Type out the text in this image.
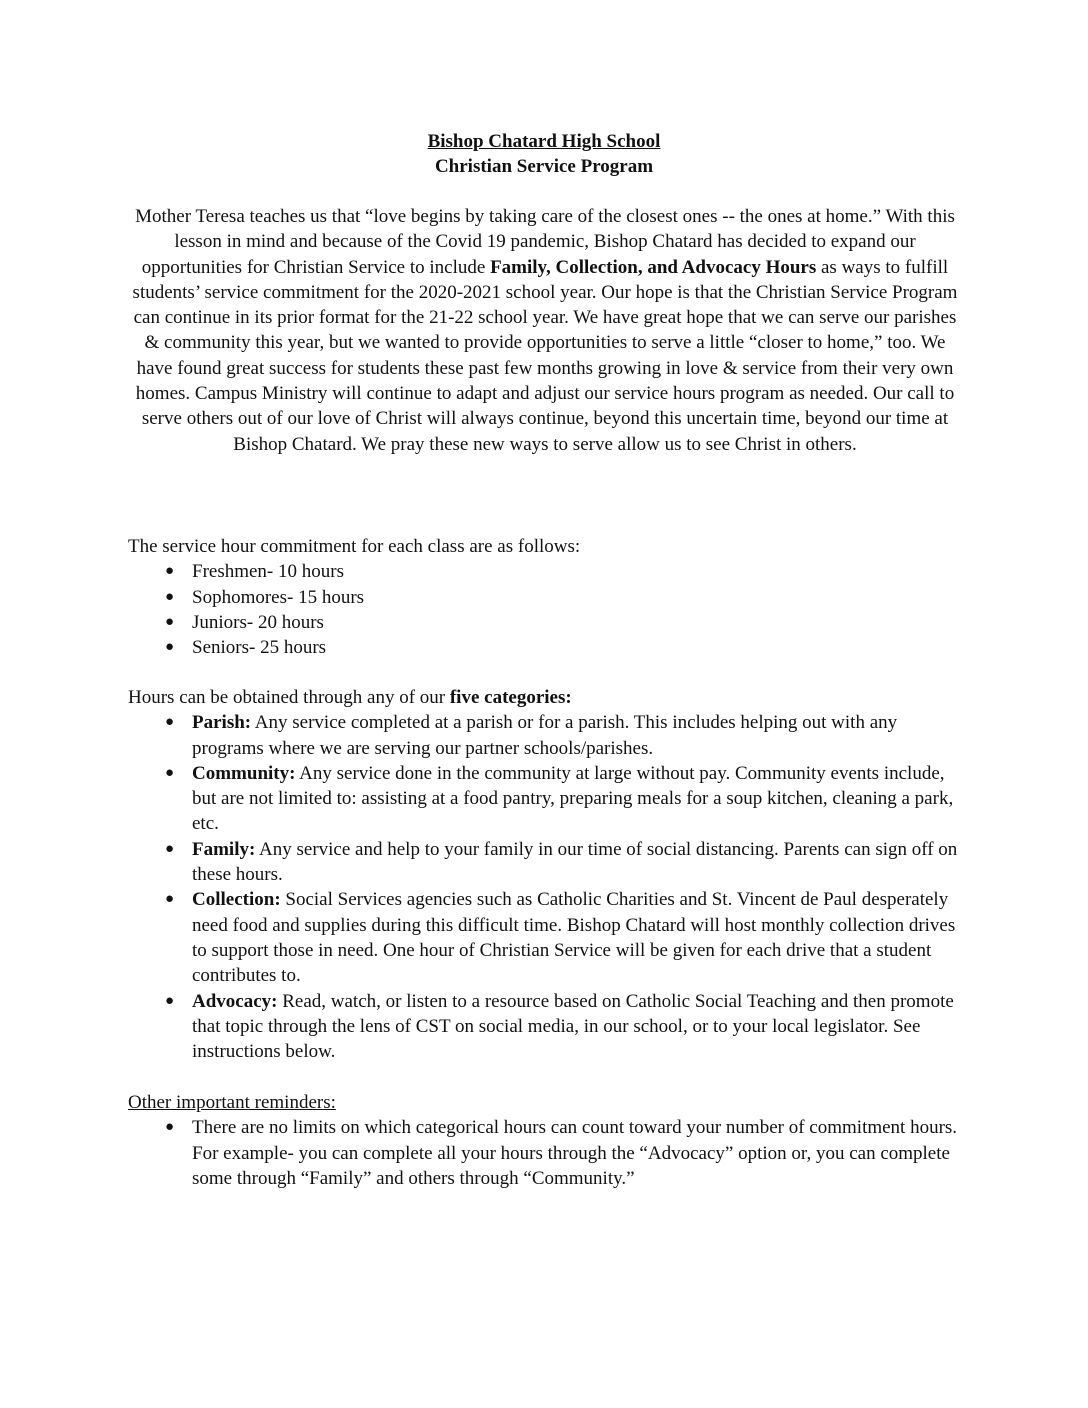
Bishop Chatard High School
Christian Service Program
Mother Teresa teaches us that “love begins by taking care of the closest ones -- the ones at home.” With this lesson in mind and because of the Covid 19 pandemic, Bishop Chatard has decided to expand our opportunities for Christian Service to include Family, Collection, and Advocacy Hours as ways to fulfill students’ service commitment for the 2020-2021 school year. Our hope is that the Christian Service Program can continue in its prior format for the 21-22 school year. We have great hope that we can serve our parishes & community this year, but we wanted to provide opportunities to serve a little “closer to home,” too. We have found great success for students these past few months growing in love & service from their very own homes. Campus Ministry will continue to adapt and adjust our service hours program as needed. Our call to serve others out of our love of Christ will always continue, beyond this uncertain time, beyond our time at Bishop Chatard. We pray these new ways to serve allow us to see Christ in others.
The service hour commitment for each class are as follows:
● Freshmen- 10 hours
● Sophomores- 15 hours
● Juniors- 20 hours
● Seniors- 25 hours
Hours can be obtained through any of our five categories:
● Parish: Any service completed at a parish or for a parish. This includes helping out with any programs where we are serving our partner schools/parishes.
● Community: Any service done in the community at large without pay. Community events include, but are not limited to: assisting at a food pantry, preparing meals for a soup kitchen, cleaning a park, etc.
● Family: Any service and help to your family in our time of social distancing. Parents can sign off on these hours.
● Collection: Social Services agencies such as Catholic Charities and St. Vincent de Paul desperately need food and supplies during this difficult time. Bishop Chatard will host monthly collection drives to support those in need. One hour of Christian Service will be given for each drive that a student contributes to.
● Advocacy: Read, watch, or listen to a resource based on Catholic Social Teaching and then promote that topic through the lens of CST on social media, in our school, or to your local legislator. See instructions below.
Other important reminders:
● There are no limits on which categorical hours can count toward your number of commitment hours. For example- you can complete all your hours through the “Advocacy” option or, you can complete some through “Family” and others through “Community.”
